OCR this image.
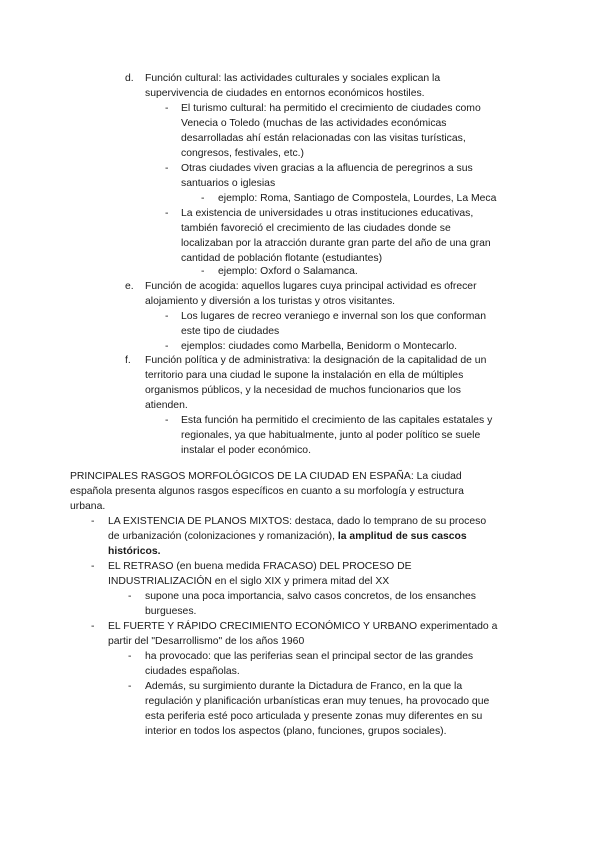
d. Función cultural: las actividades culturales y sociales explican la
supervivencia de ciudades en entornos económicos hostiles.
- El turismo cultural: ha permitido el crecimiento de ciudades como
Venecia o Toledo (muchas de las actividades económicas
desarrolladas ahí están relacionadas con las visitas turísticas,
congresos, festivales, etc.)
- Otras ciudades viven gracias a la afluencia de peregrinos a sus
santuarios o iglesias
- ejemplo: Roma, Santiago de Compostela, Lourdes, La Meca
- La existencia de universidades u otras instituciones educativas,
también favoreció el crecimiento de las ciudades donde se
localizaban por la atracción durante gran parte del año de una gran
cantidad de población flotante (estudiantes)
- ejemplo: Oxford o Salamanca.
e. Función de acogida: aquellos lugares cuya principal actividad es ofrecer
alojamiento y diversión a los turistas y otros visitantes.
- Los lugares de recreo veraniego e invernal son los que conforman
este tipo de ciudades
- ejemplos: ciudades como Marbella, Benidorm o Montecarlo.
f. Función política y de administrativa: la designación de la capitalidad de un
territorio para una ciudad le supone la instalación en ella de múltiples
organismos públicos, y la necesidad de muchos funcionarios que los
atienden.
- Esta función ha permitido el crecimiento de las capitales estatales y
regionales, ya que habitualmente, junto al poder político se suele
instalar el poder económico.
PRINCIPALES RASGOS MORFOLÓGICOS DE LA CIUDAD EN ESPAÑA: La ciudad
española presenta algunos rasgos específicos en cuanto a su morfología y estructura
urbana.
- LA EXISTENCIA DE PLANOS MIXTOS: destaca, dado lo temprano de su proceso
de urbanización (colonizaciones y romanización), la amplitud de sus cascos
históricos.
- EL RETRASO (en buena medida FRACASO) DEL PROCESO DE
INDUSTRIALIZACIÓN en el siglo XIX y primera mitad del XX
- supone una poca importancia, salvo casos concretos, de los ensanches
burgueses.
- EL FUERTE Y RÁPIDO CRECIMIENTO ECONÓMICO Y URBANO experimentado a
partir del "Desarrollismo" de los años 1960
- ha provocado: que las periferias sean el principal sector de las grandes
ciudades españolas.
- Además, su surgimiento durante la Dictadura de Franco, en la que la
regulación y planificación urbanísticas eran muy tenues, ha provocado que
esta periferia esté poco articulada y presente zonas muy diferentes en su
interior en todos los aspectos (plano, funciones, grupos sociales).
